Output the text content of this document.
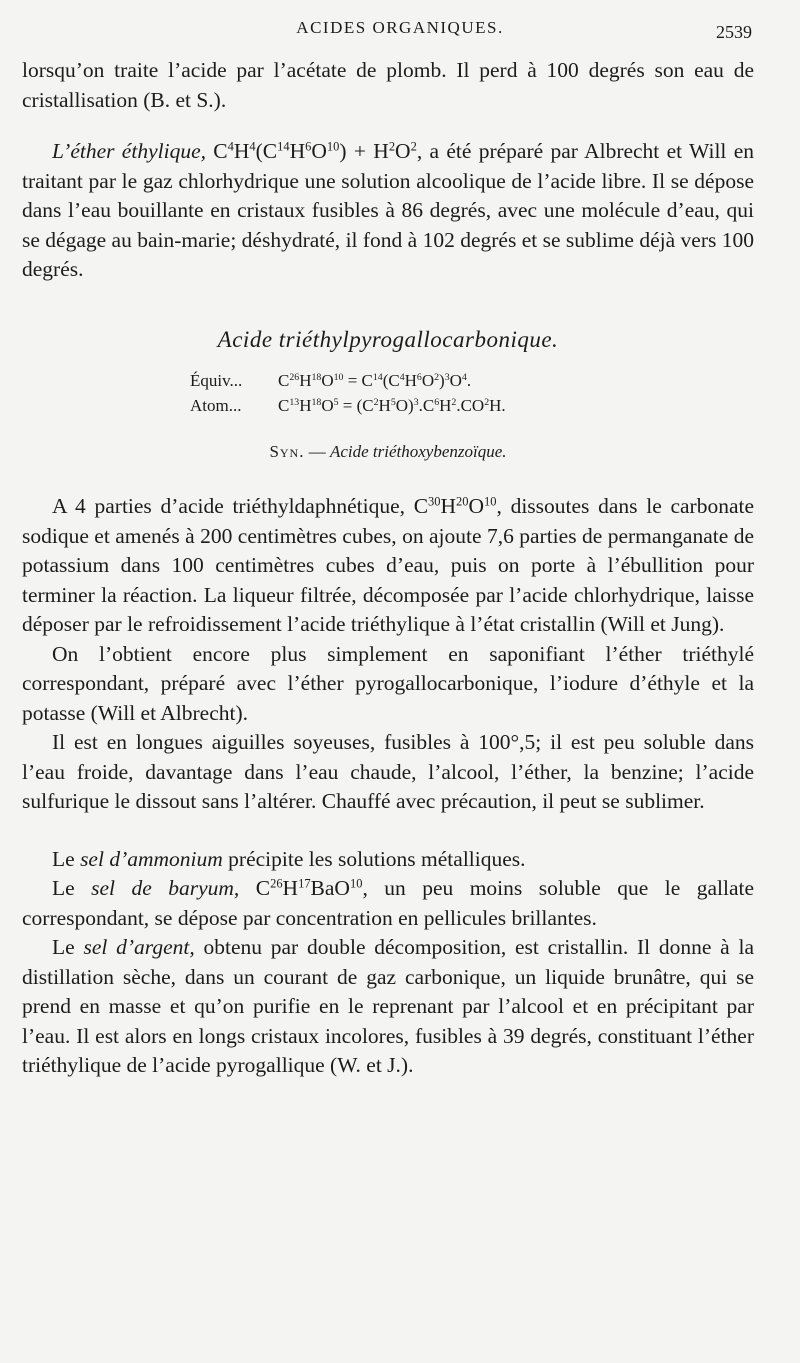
ACIDES ORGANIQUES.	2539

lorsqu’on traite l’acide par l’acétate de plomb. Il perd à 100 degrés son eau de cristallisation (B. et S.).

L’éther éthylique, $C^4H^4(C^{14}H^6O^{10}) + H^2O^2$, a été préparé par Albrecht et Will en traitant par le gaz chlorhydrique une solution alcoolique de l’acide libre. Il se dépose dans l’eau bouillante en cristaux fusibles à 86 degrés, avec une molécule d’eau, qui se dégage au bain-marie; déshydraté, il fond à 102 degrés et se sublime déjà vers 100 degrés.

Acide triéthylpyrogallocarbonique.
Équiv...	$C^{26}H^{18}O^{10} = C^{14}(C^4H^6O^2)^3O^4$.
Atom...	$C^{13}H^{18}O^5 = (C^2H^5O)^3.C^6H^2.CO^2H$.
Syn. — Acide triéthoxybenzoïque.

A 4 parties d’acide triéthyldaphnétique, $C^{30}H^{20}O^{10}$, dissoutes dans le carbonate sodique et amenés à 200 centimètres cubes, on ajoute 7,6 parties de permanganate de potassium dans 100 centimètres cubes d’eau, puis on porte à l’ébullition pour terminer la réaction. La liqueur filtrée, décomposée par l’acide chlorhydrique, laisse déposer par le refroidissement l’acide triéthylique à l’état cristallin (Will et Jung).

On l’obtient encore plus simplement en saponifiant l’éther triéthylé correspondant, préparé avec l’éther pyrogallocarbonique, l’iodure d’éthyle et la potasse (Will et Albrecht).

Il est en longues aiguilles soyeuses, fusibles à 100°,5; il est peu soluble dans l’eau froide, davantage dans l’eau chaude, l’alcool, l’éther, la benzine; l’acide sulfurique le dissout sans l’altérer. Chauffé avec précaution, il peut se sublimer.

Le sel d’ammonium précipite les solutions métalliques.

Le sel de baryum, $C^{26}H^{17}BaO^{10}$, un peu moins soluble que le gallate correspondant, se dépose par concentration en pellicules brillantes.

Le sel d’argent, obtenu par double décomposition, est cristallin. Il donne à la distillation sèche, dans un courant de gaz carbonique, un liquide brunâtre, qui se prend en masse et qu’on purifie en le reprenant par l’alcool et en précipitant par l’eau. Il est alors en longs cristaux incolores, fusibles à 39 degrés, constituant l’éther triéthylique de l’acide pyrogallique (W. et J.).
